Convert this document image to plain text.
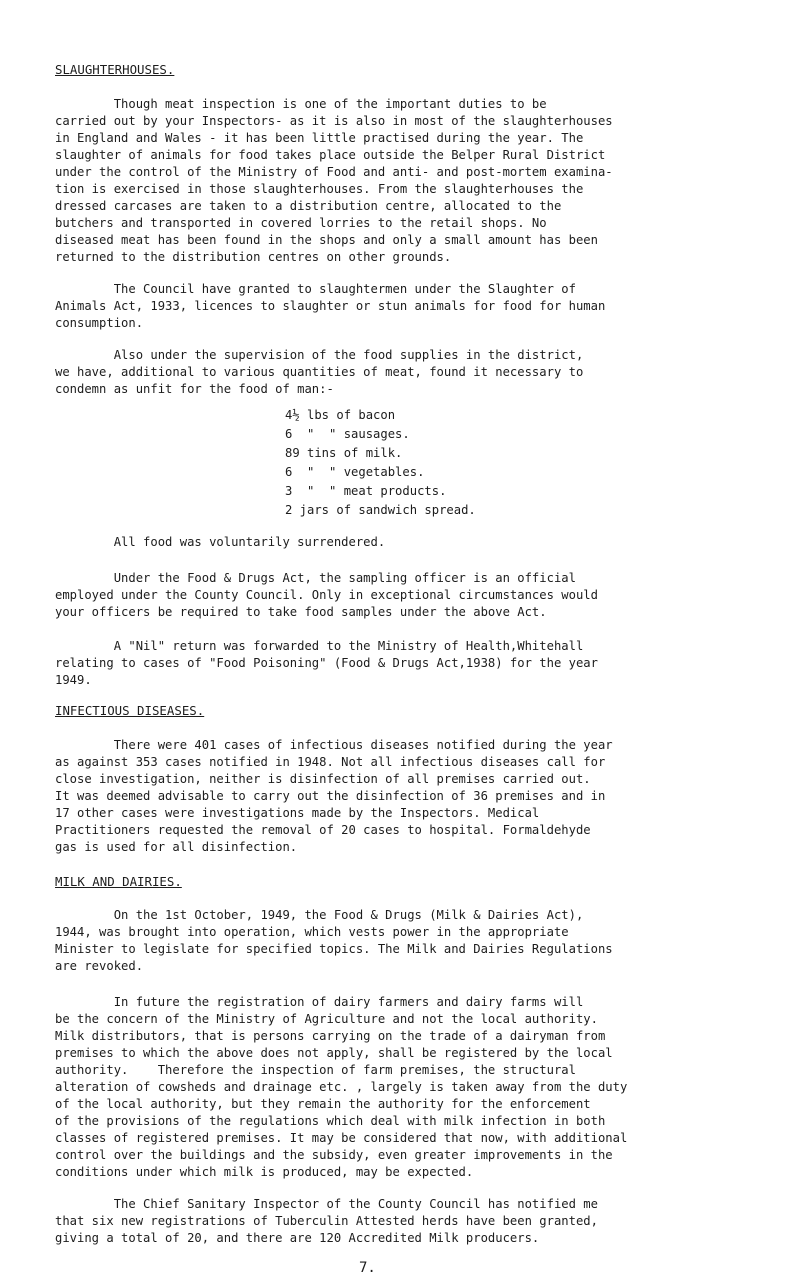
SLAUGHTERHOUSES.
Though meat inspection is one of the important duties to be
carried out by your Inspectors- as it is also in most of the slaughterhouses
in England and Wales - it has been little practised during the year. The
slaughter of animals for food takes place outside the Belper Rural District
under the control of the Ministry of Food and anti- and post-mortem examina-
tion is exercised in those slaughterhouses. From the slaughterhouses the
dressed carcases are taken to a distribution centre, allocated to the
butchers and transported in covered lorries to the retail shops. No
diseased meat has been found in the shops and only a small amount has been
returned to the distribution centres on other grounds.
The Council have granted to slaughtermen under the Slaughter of
Animals Act, 1933, licences to slaughter or stun animals for food for human
consumption.
Also under the supervision of the food supplies in the district,
we have, additional to various quantities of meat, found it necessary to
condemn as unfit for the food of man:-
4½ lbs of bacon
6  "  " sausages.
89 tins of milk.
6  "  " vegetables.
3  "  " meat products.
2 jars of sandwich spread.
All food was voluntarily surrendered.
Under the Food & Drugs Act, the sampling officer is an official
employed under the County Council. Only in exceptional circumstances would
your officers be required to take food samples under the above Act.
A "Nil" return was forwarded to the Ministry of Health,Whitehall
relating to cases of "Food Poisoning" (Food & Drugs Act,1938) for the year
1949.
INFECTIOUS DISEASES.
There were 401 cases of infectious diseases notified during the year
as against 353 cases notified in 1948. Not all infectious diseases call for
close investigation, neither is disinfection of all premises carried out.
It was deemed advisable to carry out the disinfection of 36 premises and in
17 other cases were investigations made by the Inspectors. Medical
Practitioners requested the removal of 20 cases to hospital. Formaldehyde
gas is used for all disinfection.
MILK AND DAIRIES.
On the 1st October, 1949, the Food & Drugs (Milk & Dairies Act),
1944, was brought into operation, which vests power in the appropriate
Minister to legislate for specified topics. The Milk and Dairies Regulations
are revoked.
In future the registration of dairy farmers and dairy farms will
be the concern of the Ministry of Agriculture and not the local authority.
Milk distributors, that is persons carrying on the trade of a dairyman from
premises to which the above does not apply, shall be registered by the local
authority.    Therefore the inspection of farm premises, the structural
alteration of cowsheds and drainage etc. , largely is taken away from the duty
of the local authority, but they remain the authority for the enforcement
of the provisions of the regulations which deal with milk infection in both
classes of registered premises. It may be considered that now, with additional
control over the buildings and the subsidy, even greater improvements in the
conditions under which milk is produced, may be expected.
The Chief Sanitary Inspector of the County Council has notified me
that six new registrations of Tuberculin Attested herds have been granted,
giving a total of 20, and there are 120 Accredited Milk producers.
7.
